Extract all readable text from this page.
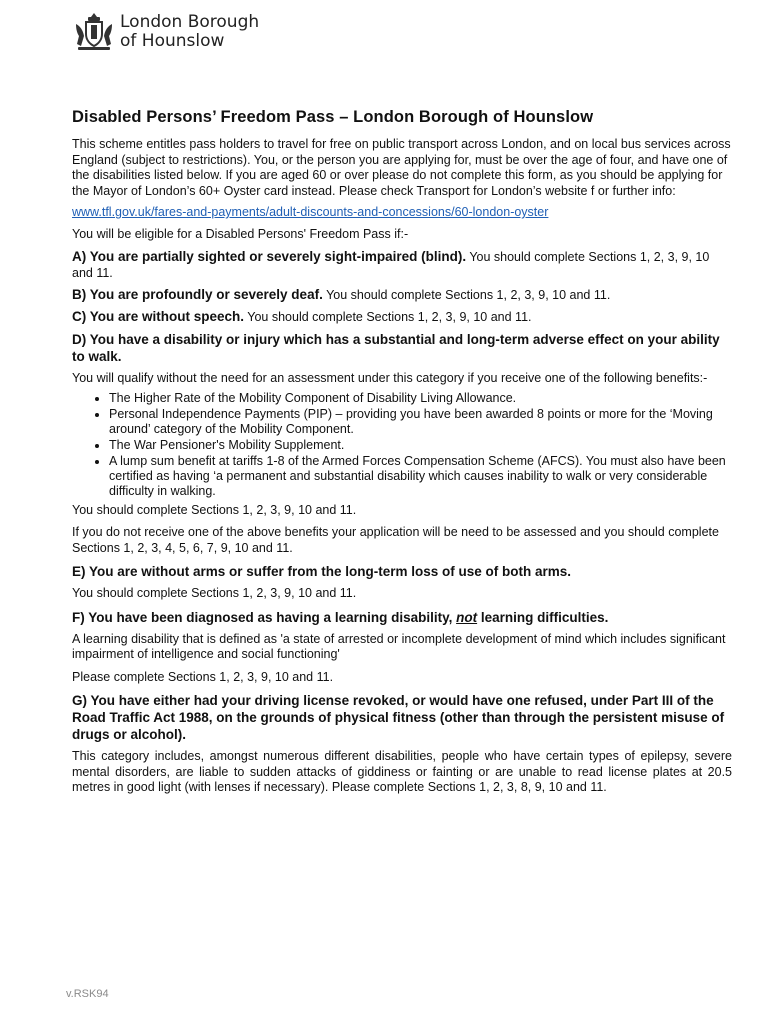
London Borough
of Hounslow
Disabled Persons’ Freedom Pass – London Borough of Hounslow

This scheme entitles pass holders to travel for free on public transport across London, and on local bus services across England (subject to restrictions). You, or the person you are applying for, must be over the age of four, and have one of the disabilities listed below. If you are aged 60 or over please do not complete this form, as you should be applying for the Mayor of London’s 60+ Oyster card instead. Please check Transport for London’s website f or further info:

www.tfl.gov.uk/fares-and-payments/adult-discounts-and-concessions/60-london-oyster

You will be eligible for a Disabled Persons' Freedom Pass if:-

A) You are partially sighted or severely sight-impaired (blind). You should complete Sections 1, 2, 3, 9, 10 and 11.

B) You are profoundly or severely deaf. You should complete Sections 1, 2, 3, 9, 10 and 11.

C) You are without speech. You should complete Sections 1, 2, 3, 9, 10 and 11.

D) You have a disability or injury which has a substantial and long-term adverse effect on your ability to walk.

You will qualify without the need for an assessment under this category if you receive one of the following benefits:-

• The Higher Rate of the Mobility Component of Disability Living Allowance.
• Personal Independence Payments (PIP) – providing you have been awarded 8 points or more for the ‘Moving around’ category of the Mobility Component.
• The War Pensioner's Mobility Supplement.
• A lump sum benefit at tariffs 1-8 of the Armed Forces Compensation Scheme (AFCS). You must also have been certified as having ‘a permanent and substantial disability which causes inability to walk or very considerable difficulty in walking.

You should complete Sections 1, 2, 3, 9, 10 and 11.

If you do not receive one of the above benefits your application will be need to be assessed and you should complete Sections 1, 2, 3, 4, 5, 6, 7, 9, 10 and 11.

E) You are without arms or suffer from the long-term loss of use of both arms.

You should complete Sections 1, 2, 3, 9, 10 and 11.

F) You have been diagnosed as having a learning disability, not learning difficulties.

A learning disability that is defined as 'a state of arrested or incomplete development of mind which includes significant impairment of intelligence and social functioning'

Please complete Sections 1, 2, 3, 9, 10 and 11.

G) You have either had your driving license revoked, or would have one refused, under Part III of the Road Traffic Act 1988, on the grounds of physical fitness (other than through the persistent misuse of drugs or alcohol).

This category includes, amongst numerous different disabilities, people who have certain types of epilepsy, severe mental disorders, are liable to sudden attacks of giddiness or fainting or are unable to read license plates at 20.5 metres in good light (with lenses if necessary). Please complete Sections 1, 2, 3, 8, 9, 10 and 11.

v.RSK94
